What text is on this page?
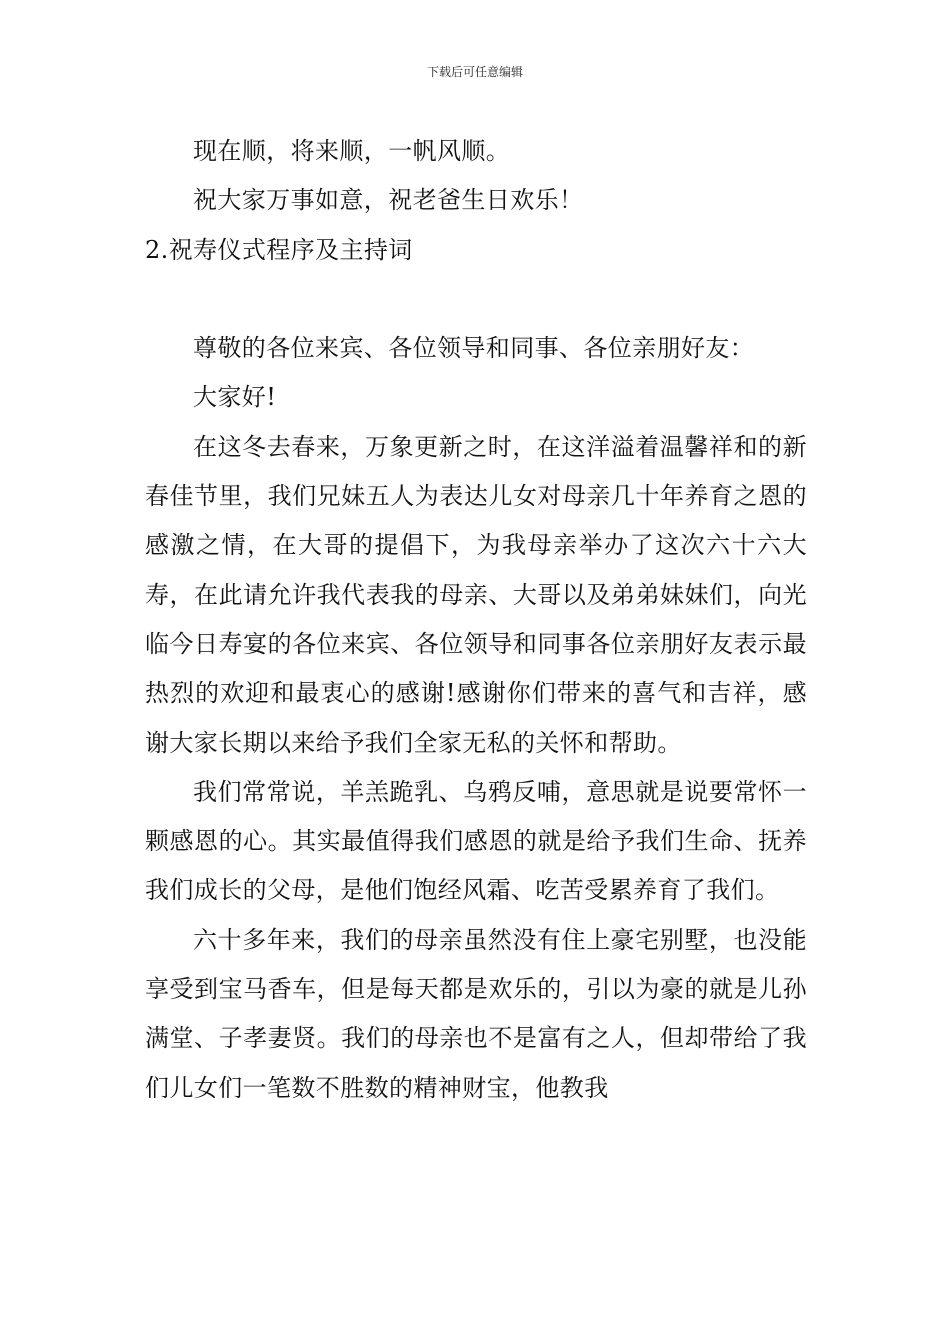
下载后可任意编辑

现在顺，将来顺，一帆风顺。

祝大家万事如意，祝老爸生日欢乐！

2.祝寿仪式程序及主持词

尊敬的各位来宾、各位领导和同事、各位亲朋好友：

大家好!

在这冬去春来，万象更新之时，在这洋溢着温馨祥和的新春佳节里，我们兄妹五人为表达儿女对母亲几十年养育之恩的感激之情，在大哥的提倡下，为我母亲举办了这次六十六大寿，在此请允许我代表我的母亲、大哥以及弟弟妹妹们，向光临今日寿宴的各位来宾、各位领导和同事各位亲朋好友表示最热烈的欢迎和最衷心的感谢!感谢你们带来的喜气和吉祥，感谢大家长期以来给予我们全家无私的关怀和帮助。

我们常常说，羊羔跪乳、乌鸦反哺，意思就是说要常怀一颗感恩的心。其实最值得我们感恩的就是给予我们生命、抚养我们成长的父母，是他们饱经风霜、吃苦受累养育了我们。

六十多年来，我们的母亲虽然没有住上豪宅别墅，也没能享受到宝马香车，但是每天都是欢乐的，引以为豪的就是儿孙满堂、子孝妻贤。我们的母亲也不是富有之人，但却带给了我们儿女们一笔数不胜数的精神财宝，他教我
